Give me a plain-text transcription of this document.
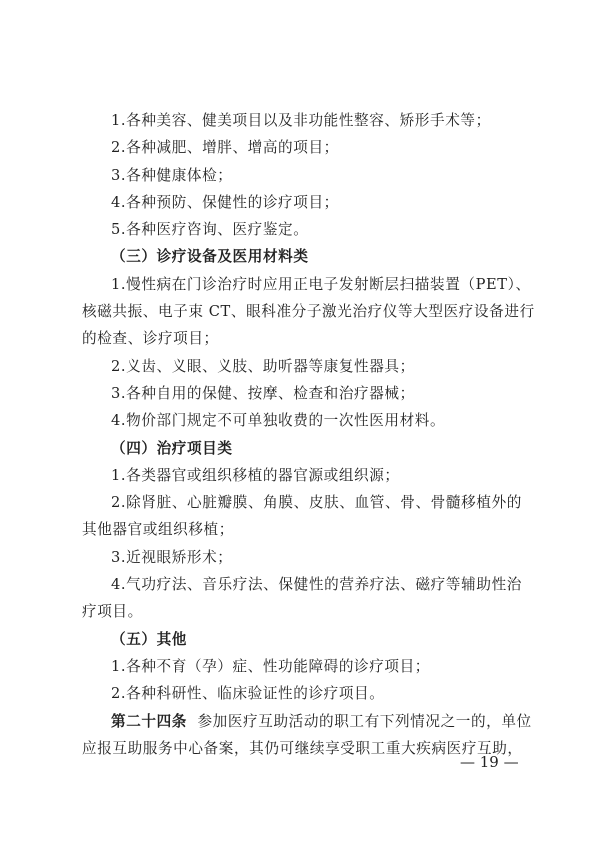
1.各种美容、健美项目以及非功能性整容、矫形手术等；
2.各种减肥、增胖、增高的项目；
3.各种健康体检；
4.各种预防、保健性的诊疗项目；
5.各种医疗咨询、医疗鉴定。
（三）诊疗设备及医用材料类
1.慢性病在门诊治疗时应用正电子发射断层扫描装置（PET）、
核磁共振、电子束 CT、眼科准分子激光治疗仪等大型医疗设备进行
的检查、诊疗项目；
2.义齿、义眼、义肢、助听器等康复性器具；
3.各种自用的保健、按摩、检查和治疗器械；
4.物价部门规定不可单独收费的一次性医用材料。
（四）治疗项目类
1.各类器官或组织移植的器官源或组织源；
2.除肾脏、心脏瓣膜、角膜、皮肤、血管、骨、骨髓移植外的
其他器官或组织移植；
3.近视眼矫形术；
4.气功疗法、音乐疗法、保健性的营养疗法、磁疗等辅助性治
疗项目。
（五）其他
1.各种不育（孕）症、性功能障碍的诊疗项目；
2.各种科研性、临床验证性的诊疗项目。
第二十四条 参加医疗互助活动的职工有下列情况之一的，单位
应报互助服务中心备案，其仍可继续享受职工重大疾病医疗互助，
— 19 —
